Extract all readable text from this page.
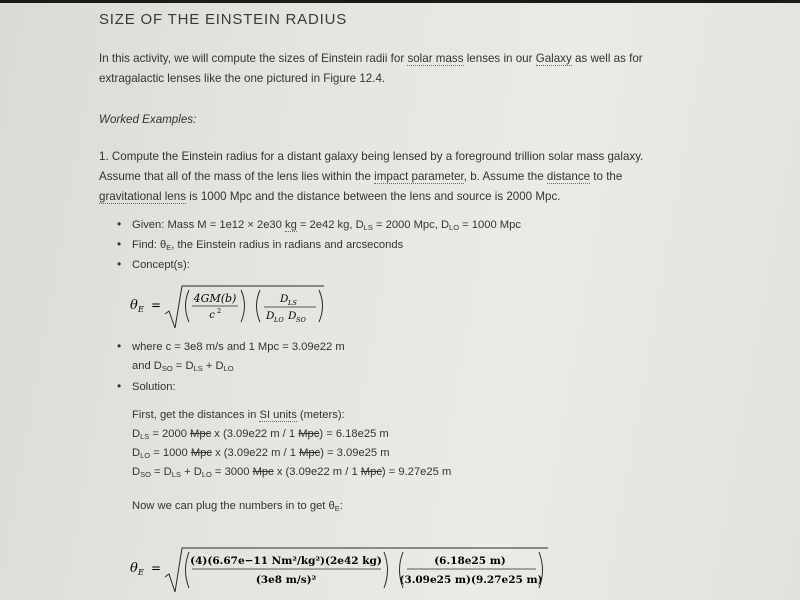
SIZE OF THE EINSTEIN RADIUS
In this activity, we will compute the sizes of Einstein radii for solar mass lenses in our Galaxy as well as for
extragalactic lenses like the one pictured in Figure 12.4.
Worked Examples:
1. Compute the Einstein radius for a distant galaxy being lensed by a foreground trillion solar mass galaxy.
Assume that all of the mass of the lens lies within the impact parameter, b. Assume the distance to the
gravitational lens is 1000 Mpc and the distance between the lens and source is 2000 Mpc.
• Given: Mass M = 1e12 × 2e30 kg = 2e42 kg, $D_{LS} = 2000$ Mpc, $D_{LO} = 1000$ Mpc
• Find: $\theta_E$, the Einstein radius in radians and arcseconds
• Concept(s):
θ E =	4GM(b)
c 2
D LS
D LO D SO
• where c = 3e8 m/s and 1 Mpc = 3.09e22 m
and $D_{SO} = D_{LS} + D_{LO}$
• Solution:
First, get the distances in SI units (meters):
$D_{LS} = 2000$ Mpc x (3.09e22 m / 1 Mpc) = 6.18e25 m
$D_{LO} = 1000$ Mpc x (3.09e22 m / 1 Mpc) = 3.09e25 m
$D_{SO} = D_{LS} + D_{LO} = 3000$ Mpc x (3.09e22 m / 1 Mpc) = 9.27e25 m
Now we can plug the numbers in to get $\theta_E$:
θ E =	(4)(6.67e−11 Nm²/kg²)(2e42 kg)
(3e8 m/s)²
(6.18e25 m)
(3.09e25 m)(9.27e25 m)
